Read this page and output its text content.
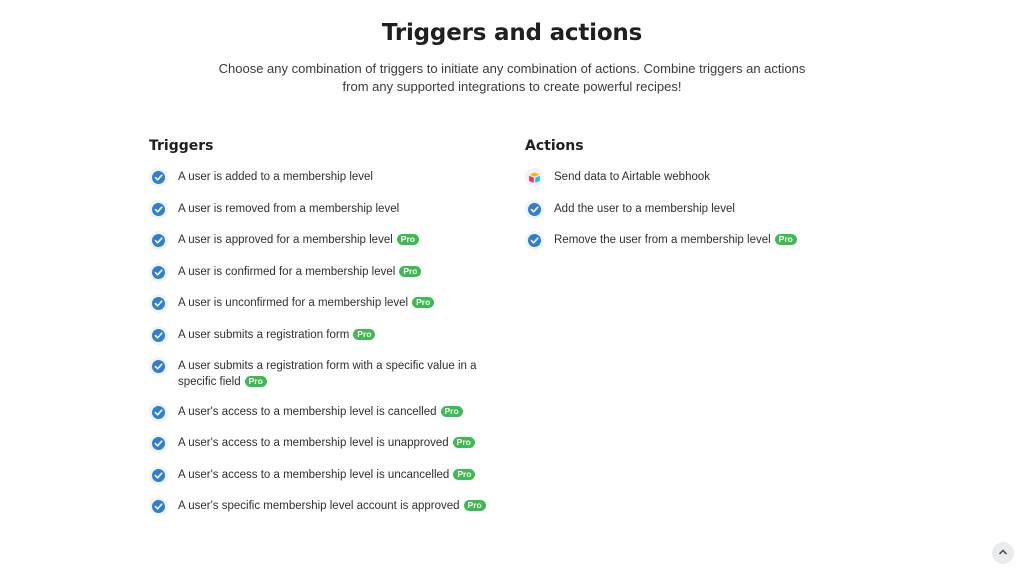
Triggers and actions

Choose any combination of triggers to initiate any combination of actions. Combine triggers an actions
from any supported integrations to create powerful recipes!

Triggers
A user is added to a membership level
A user is removed from a membership level
A user is approved for a membership level Pro
A user is confirmed for a membership level Pro
A user is unconfirmed for a membership level Pro
A user submits a registration form Pro
A user submits a registration form with a specific value in a specific field Pro
A user's access to a membership level is cancelled Pro
A user's access to a membership level is unapproved Pro
A user's access to a membership level is uncancelled Pro
A user's specific membership level account is approved Pro
Actions
Send data to Airtable webhook
Add the user to a membership level
Remove the user from a membership level Pro
